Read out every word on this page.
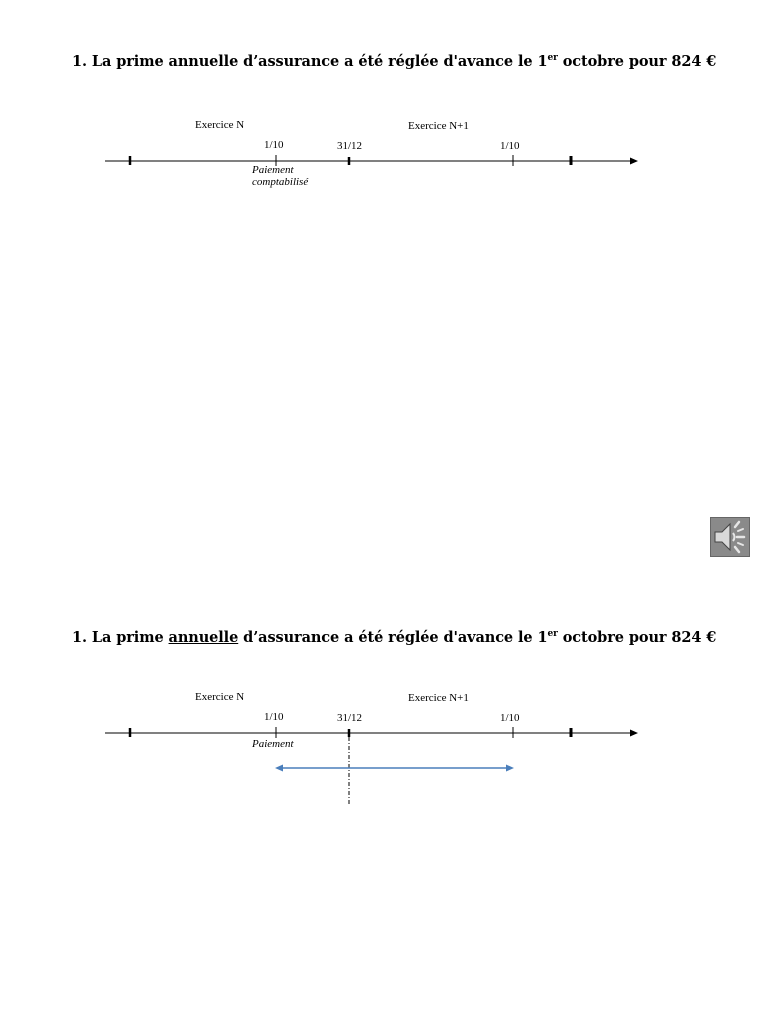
1. La prime annuelle d’assurance a été réglée d'avance le 1er octobre pour 824 €
Exercice N	Exercice N+1
1/10	31/12	1/10
Paiement
comptabilisé
1. La prime annuelle d’assurance a été réglée d'avance le 1er octobre pour 824 €
Exercice N	Exercice N+1
1/10	31/12	1/10
Paiement
